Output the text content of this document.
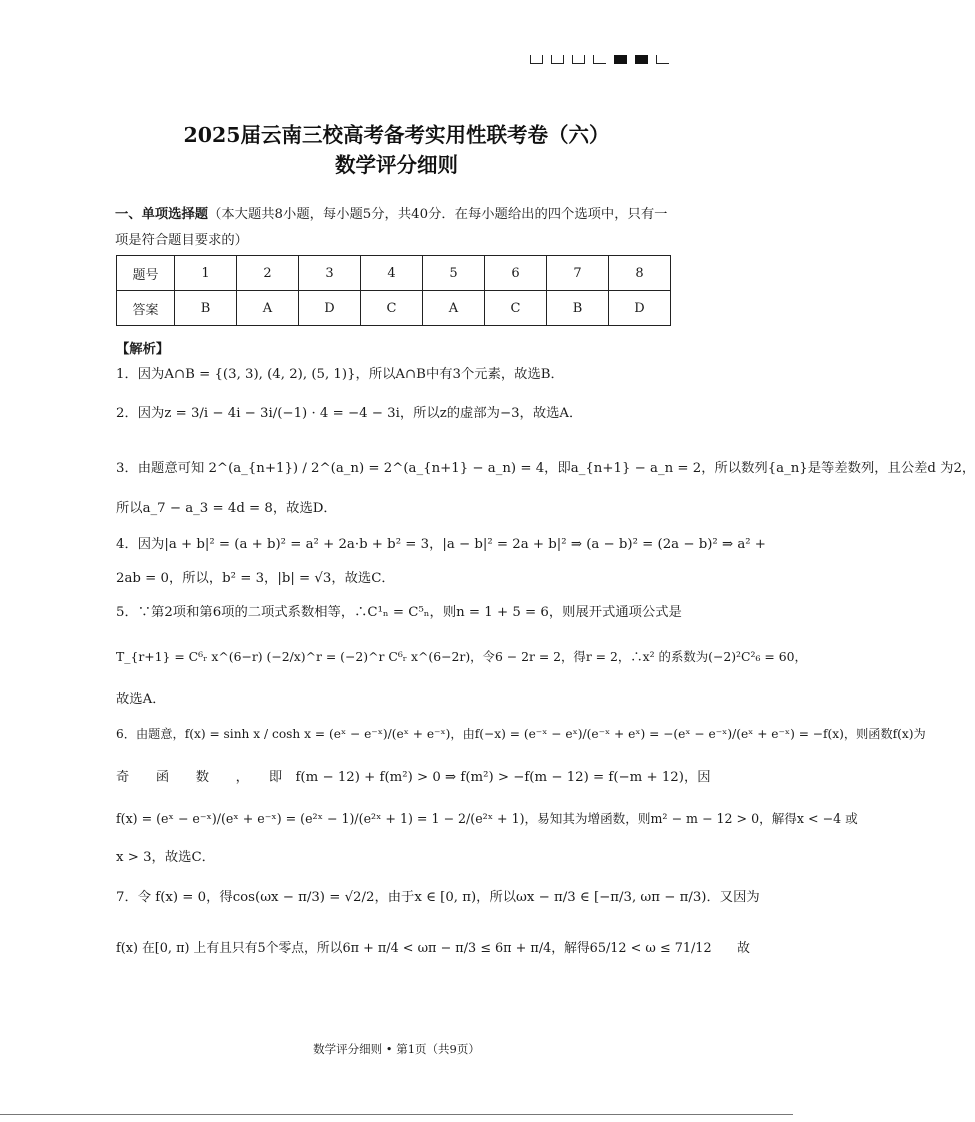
2025届云南三校高考备考实用性联考卷（六）
数学评分细则
一、单项选择题（本大题共8小题，每小题5分，共40分．在每小题给出的四个选项中，只有一项是符合题目要求的）
题号	1	2	3	4	5	6	7	8
答案	B	A	D	C	A	C	B	D
【解析】
1．因为A∩B = {(3, 3), (4, 2), (5, 1)}，所以A∩B中有3个元素，故选B．
2．因为z = 3/i − 4i − 3i/(−1) · 4 = −4 − 3i，所以z的虚部为−3，故选A．
3．由题意可知 2^(a_{n+1}) / 2^(a_n) = 2^(a_{n+1} − a_n) = 4，即a_{n+1} − a_n = 2，所以数列{a_n}是等差数列，且公差d 为2，
所以a_7 − a_3 = 4d = 8，故选D．
4．因为|a + b|² = (a + b)² = a² + 2a·b + b² = 3，|a − b|² = 2a + b|² ⇒ (a − b)² = (2a − b)² ⇒ a² +
2ab = 0，所以，b² = 3，|b| = √3，故选C．
5．∵第2项和第6项的二项式系数相等，∴C¹ₙ = C⁵ₙ，则n = 1 + 5 = 6，则展开式通项公式是
T_{r+1} = C⁶ᵣ x^(6−r) (−2/x)^r = (−2)^r C⁶ᵣ x^(6−2r)，令6 − 2r = 2，得r = 2，∴x² 的系数为(−2)²C²₆ = 60，
故选A．
6．由题意，f(x) = sinh x / cosh x = (eˣ − e⁻ˣ)/(eˣ + e⁻ˣ)，由f(−x) = (e⁻ˣ − eˣ)/(e⁻ˣ + eˣ) = −(eˣ − e⁻ˣ)/(eˣ + e⁻ˣ) = −f(x)，则函数f(x)为
奇　　函　　数　　，　　即　f(m − 12) + f(m²) > 0 ⇒ f(m²) > −f(m − 12) = f(−m + 12)，因
f(x) = (eˣ − e⁻ˣ)/(eˣ + e⁻ˣ) = (e²ˣ − 1)/(e²ˣ + 1) = 1 − 2/(e²ˣ + 1)，易知其为增函数，则m² − m − 12 > 0，解得x < −4 或
x > 3，故选C．
7．令 f(x) = 0，得cos(ωx − π/3) = √2/2，由于x ∈ [0, π)，所以ωx − π/3 ∈ [−π/3, ωπ − π/3)．又因为
f(x) 在[0, π) 上有且只有5个零点，所以6π + π/4 < ωπ − π/3 ≤ 6π + π/4，解得65/12 < ω ≤ 71/12　　故
数学评分细则 • 第1页（共9页）
